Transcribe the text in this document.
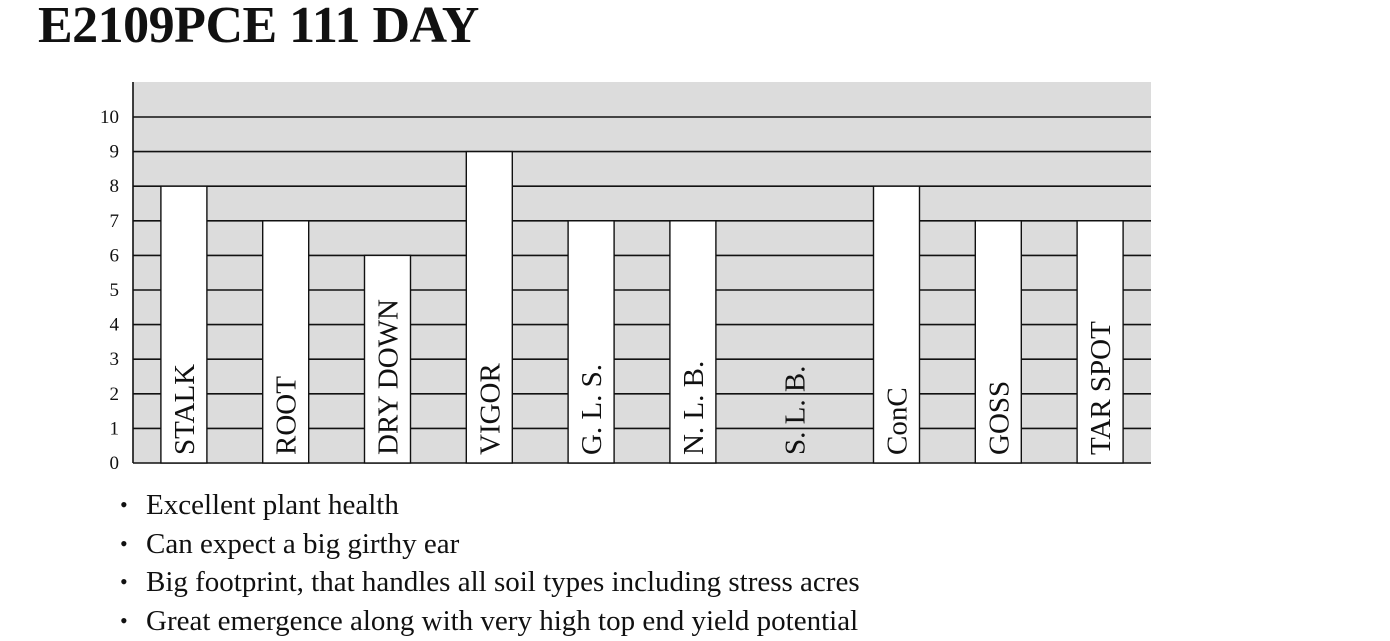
E2109PCE 111 DAY
0
1
2
3
4
5
6
7
8
9
10
STALK ROOT DRY DOWN VIGOR G. L. S. N. L. B. S. L. B. ConC GOSS TAR SPOT
• Excellent plant health
• Can expect a big girthy ear
• Big footprint, that handles all soil types including stress acres
• Great emergence along with very high top end yield potential
